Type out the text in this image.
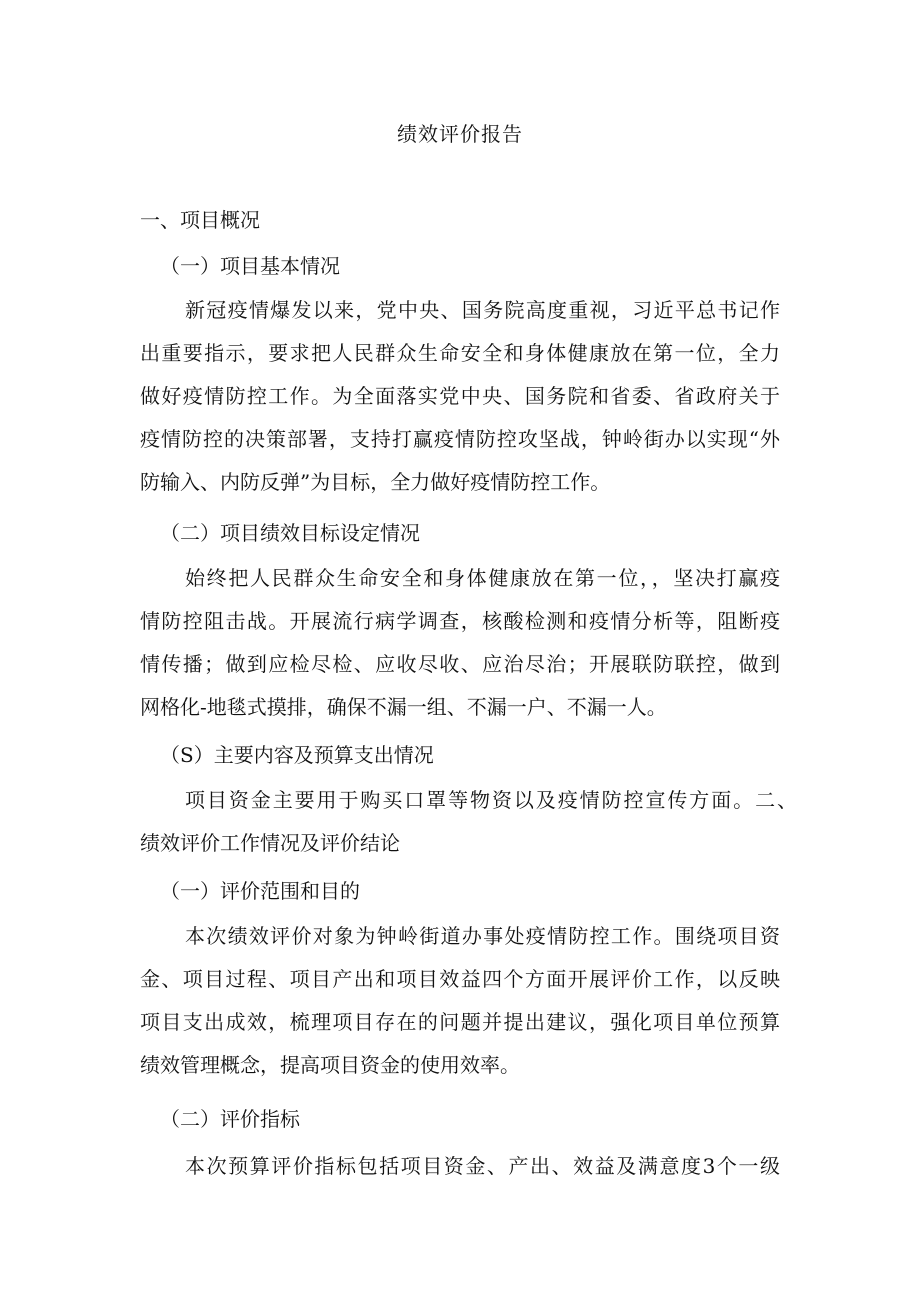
绩效评价报告
一、项目概况
（一）项目基本情况
新冠疫情爆发以来，党中央、国务院高度重视，习近平总书记作
出重要指示，要求把人民群众生命安全和身体健康放在第一位，全力
做好疫情防控工作。为全面落实党中央、国务院和省委、省政府关于
疫情防控的决策部署，支持打赢疫情防控攻坚战，钟岭街办以实现“外
防输入、内防反弹”为目标，全力做好疫情防控工作。
（二）项目绩效目标设定情况
始终把人民群众生命安全和身体健康放在第一位，，坚决打赢疫
情防控阻击战。开展流行病学调查，核酸检测和疫情分析等，阻断疫
情传播；做到应检尽检、应收尽收、应治尽治；开展联防联控，做到
网格化-地毯式摸排，确保不漏一组、不漏一户、不漏一人。
（S）主要内容及预算支出情况
项目资金主要用于购买口罩等物资以及疫情防控宣传方面。二、
绩效评价工作情况及评价结论
（一）评价范围和目的
本次绩效评价对象为钟岭街道办事处疫情防控工作。围绕项目资
金、项目过程、项目产出和项目效益四个方面开展评价工作，以反映
项目支出成效，梳理项目存在的问题并提出建议，强化项目单位预算
绩效管理概念，提高项目资金的使用效率。
（二）评价指标
本次预算评价指标包括项目资金、产出、效益及满意度3个一级
